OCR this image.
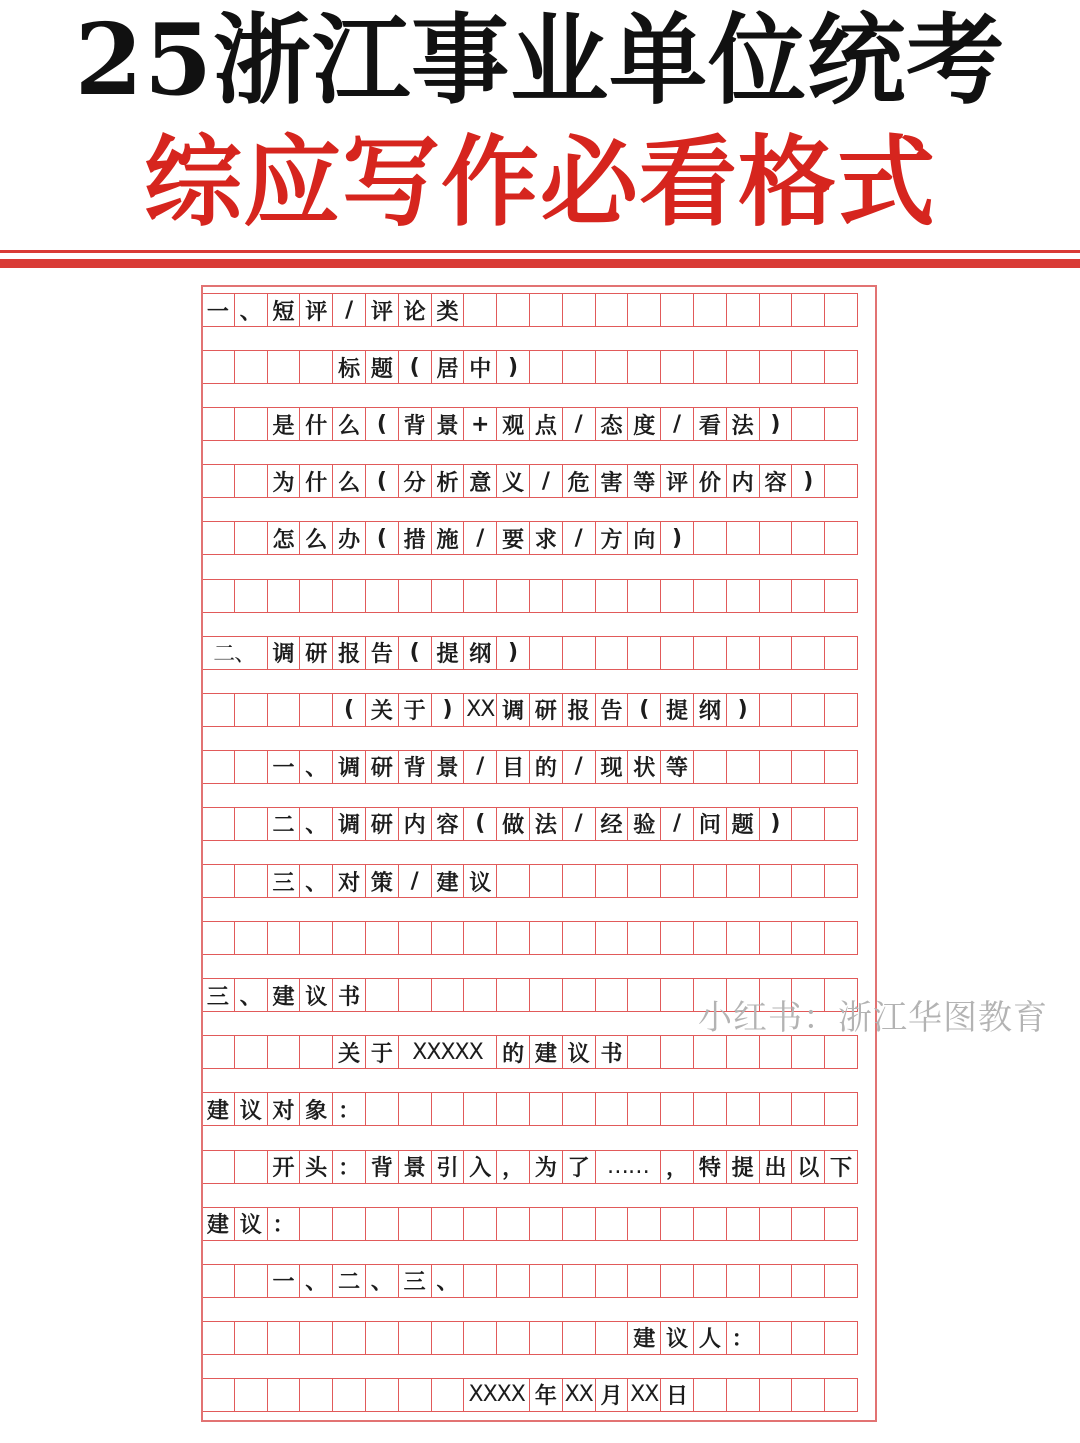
25浙江事业单位统考
综应写作必看格式
一 、 短 评 / 评 论 类
标 题 ( 居 中 )
是 什 么 ( 背 景 + 观 点 / 态 度 / 看 法 )
为 什 么 ( 分 析 意 义 / 危 害 等 评 价 内 容 )
怎 么 办 ( 措 施 / 要 求 / 方 向 )
二、 调 研 报 告 ( 提 纲 )
( 关 于 ) XX 调 研 报 告 ( 提 纲 )
一 、 调 研 背 景 / 目 的 / 现 状 等
二 、 调 研 内 容 ( 做 法 / 经 验 / 问 题 )
三 、 对 策 / 建 议
三 、 建 议 书
关 于 XXXXX 的 建 议 书
建 议 对 象 ：
开 头 ： 背 景 引 入 ， 为 了 …… ， 特 提 出 以 下
建 议 ：
一 、 二 、 三 、
建 议 人 ：
XXXX 年 XX 月 XX 日
小红书：浙江华图教育
